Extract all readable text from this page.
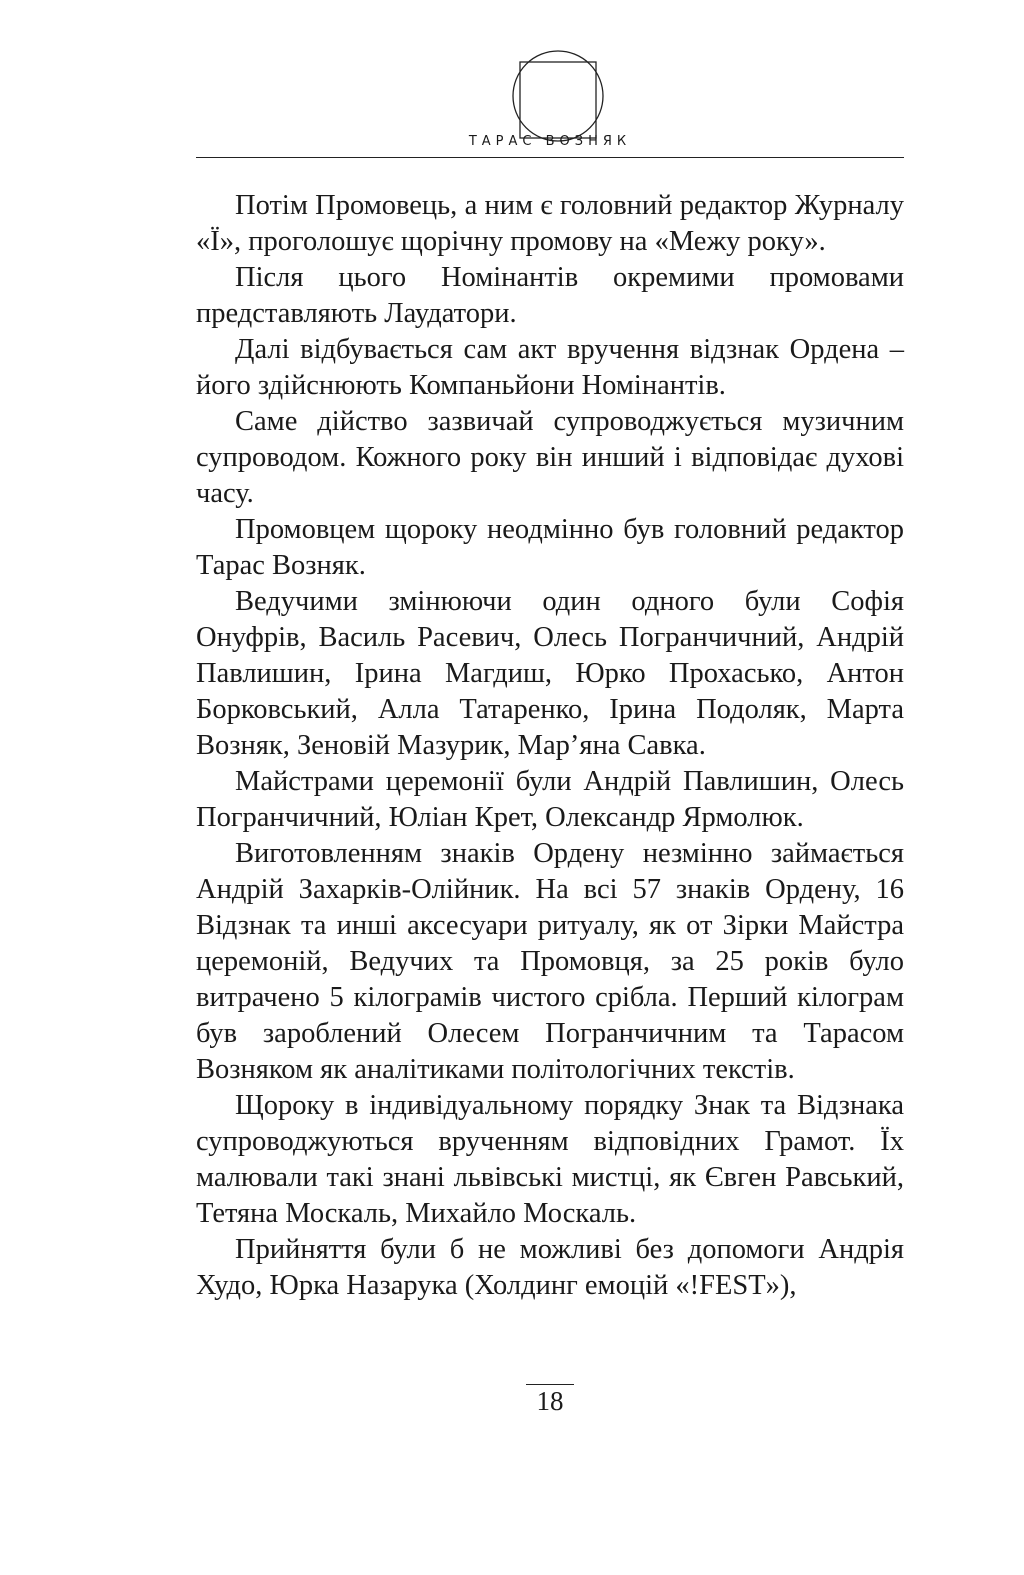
ТАРАС ВОЗНЯК

Потім Промовець, а ним є головний редактор Журналу «Ї», проголошує щорічну промову на «Межу року».

Після цього Номінантів окремими промовами представляють Лаудатори.

Далі відбувається сам акт вручення відзнак Ордена – його здійснюють Компаньйони Номінантів.

Саме дійство зазвичай супроводжується музичним супроводом. Кожного року він инший і відповідає духові часу.

Промовцем щороку неодмінно був головний редактор Тарас Возняк.

Ведучими змінюючи один одного були Софія Онуфрів, Василь Расевич, Олесь Погранчичний, Андрій Павлишин, Ірина Магдиш, Юрко Прохасько, Антон Борковський, Алла Татаренко, Ірина Подоляк, Марта Возняк, Зеновій Мазурик, Мар’яна Савка.

Майстрами церемонії були Андрій Павлишин, Олесь Погранчичний, Юліан Крет, Олександр Ярмолюк.

Виготовленням знаків Ордену незмінно займається Андрій Захарків-Олійник. На всі 57 знаків Ордену, 16 Відзнак та инші аксесуари ритуалу, як от Зірки Майстра церемоній, Ведучих та Промовця, за 25 років було витрачено 5 кілограмів чистого срібла. Перший кілограм був зароблений Олесем Погранчичним та Тарасом Возняком як аналітиками політологічних текстів.

Щороку в індивідуальному порядку Знак та Відзнака супроводжуються врученням відповідних Грамот. Їх малювали такі знані львівські мистці, як Євген Равський, Тетяна Москаль, Михайло Москаль.

Прийняття були б не можливі без допомоги Андрія Худо, Юрка Назарука (Холдинг емоцій «!FEST»),

18
